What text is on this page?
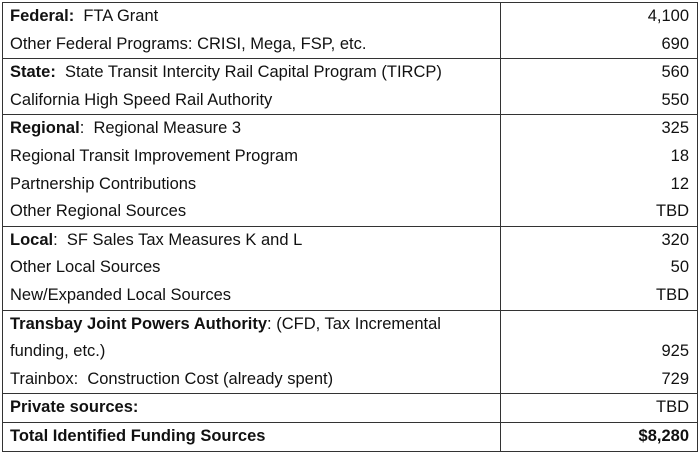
Federal:  FTA Grant	4,100
Other Federal Programs: CRISI, Mega, FSP, etc.	690
State:  State Transit Intercity Rail Capital Program (TIRCP)	560
California High Speed Rail Authority	550
Regional:  Regional Measure 3	325
Regional Transit Improvement Program	18
Partnership Contributions	12
Other Regional Sources	TBD
Local:  SF Sales Tax Measures K and L	320
Other Local Sources	50
New/Expanded Local Sources	TBD
Transbay Joint Powers Authority: (CFD, Tax Incremental	
funding, etc.)	925
Trainbox:  Construction Cost (already spent)	729
Private sources:	TBD
Total Identified Funding Sources	$8,280
